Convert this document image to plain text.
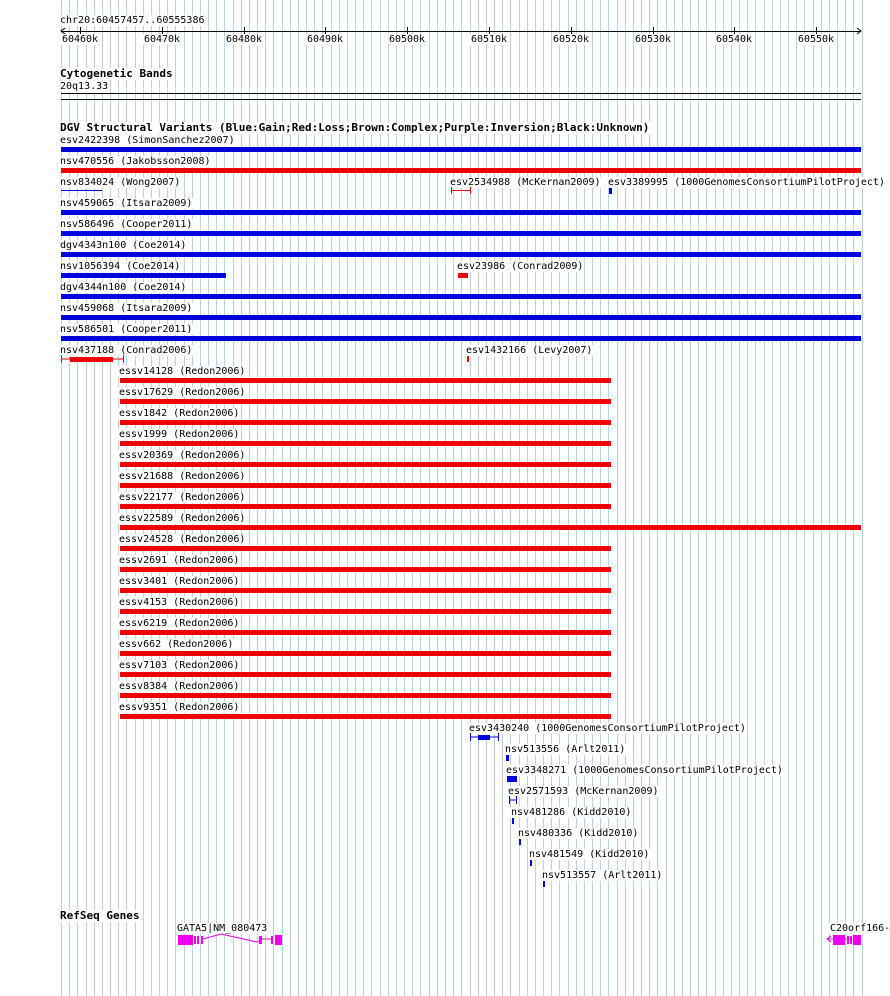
chr20:60457457..60555386
60460k	60470k	60480k	60490k	60500k	60510k	60520k	60530k	60540k	60550k
Cytogenetic Bands
20q13.33
DGV Structural Variants (Blue:Gain;Red:Loss;Brown:Complex;Purple:Inversion;Black:Unknown)
esv2422398 (SimonSanchez2007)
nsv470556 (Jakobsson2008)
nsv834024 (Wong2007)	esv2534988 (McKernan2009) esv3389995 (1000GenomesConsortiumPilotProject)
nsv459065 (Itsara2009)
nsv586496 (Cooper2011)
dgv4343n100 (Coe2014)
nsv1056394 (Coe2014)	esv23986 (Conrad2009)
dgv4344n100 (Coe2014)
nsv459068 (Itsara2009)
nsv586501 (Cooper2011)
nsv437188 (Conrad2006)	esv1432166 (Levy2007)
essv14128 (Redon2006)
essv17629 (Redon2006)
essv1842 (Redon2006)
essv1999 (Redon2006)
essv20369 (Redon2006)
essv21688 (Redon2006)
essv22177 (Redon2006)
essv22589 (Redon2006)
essv24528 (Redon2006)
essv2691 (Redon2006)
essv3401 (Redon2006)
essv4153 (Redon2006)
essv6219 (Redon2006)
essv662 (Redon2006)
essv7103 (Redon2006)
essv8384 (Redon2006)
essv9351 (Redon2006)
esv3430240 (1000GenomesConsortiumPilotProject)
nsv513556 (Arlt2011)
esv3348271 (1000GenomesConsortiumPilotProject)
esv2571593 (McKernan2009)
nsv481286 (Kidd2010)
nsv480336 (Kidd2010)
nsv481549 (Kidd2010)
nsv513557 (Arlt2011)
RefSeq Genes
GATA5|NM_080473	C20orf166-
